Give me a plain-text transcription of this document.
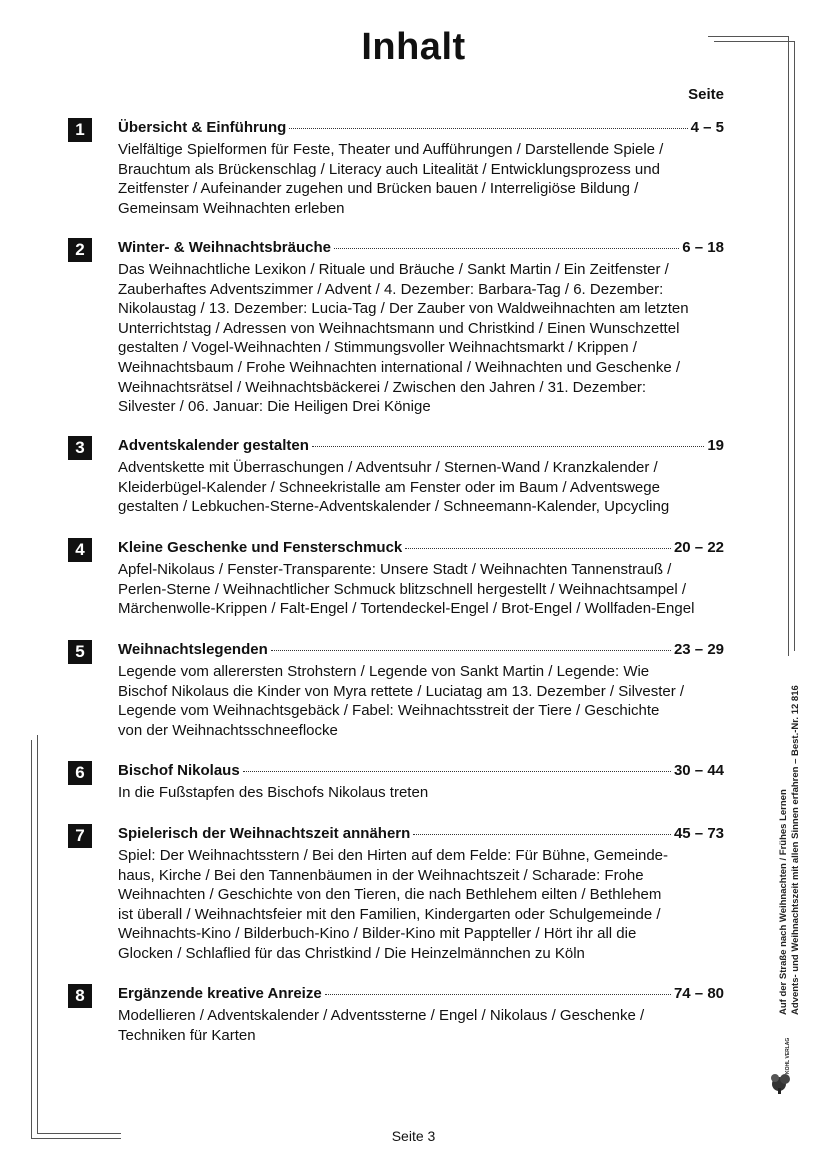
Inhalt
Seite
1	Übersicht & Einführung	4 – 5
Vielfältige Spielformen für Feste, Theater und Aufführungen / Darstellende Spiele /
Brauchtum als Brückenschlag / Literacy auch Litealität / Entwicklungsprozess und
Zeitfenster / Aufeinander zugehen und Brücken bauen / Interreligiöse Bildung /
Gemeinsam Weihnachten erleben
2	Winter- & Weihnachtsbräuche	6 – 18
Das Weihnachtliche Lexikon / Rituale und Bräuche / Sankt Martin / Ein Zeitfenster /
Zauberhaftes Adventszimmer / Advent / 4. Dezember: Barbara-Tag / 6. Dezember:
Nikolaustag / 13. Dezember: Lucia-Tag / Der Zauber von Waldweihnachten am letzten
Unterrichtstag / Adressen von Weihnachtsmann und Christkind / Einen Wunschzettel
gestalten / Vogel-Weihnachten / Stimmungsvoller Weihnachtsmarkt / Krippen /
Weihnachtsbaum / Frohe Weihnachten international / Weihnachten und Geschenke /
Weihnachtsrätsel / Weihnachtsbäckerei / Zwischen den Jahren / 31. Dezember:
Silvester / 06. Januar: Die Heiligen Drei Könige
3	Adventskalender gestalten	19
Adventskette mit Überraschungen / Adventsuhr / Sternen-Wand / Kranzkalender /
Kleiderbügel-Kalender / Schneekristalle am Fenster oder im Baum / Adventswege
gestalten / Lebkuchen-Sterne-Adventskalender / Schneemann-Kalender, Upcycling
4	Kleine Geschenke und Fensterschmuck	20 – 22
Apfel-Nikolaus / Fenster-Transparente: Unsere Stadt / Weihnachten Tannenstrauß /
Perlen-Sterne / Weihnachtlicher Schmuck blitzschnell hergestellt / Weihnachtsampel /
Märchenwolle-Krippen / Falt-Engel / Tortendeckel-Engel / Brot-Engel / Wollfaden-Engel
5	Weihnachtslegenden	23 – 29
Legende vom allerersten Strohstern / Legende von Sankt Martin / Legende: Wie
Bischof Nikolaus die Kinder von Myra rettete / Luciatag am 13. Dezember / Silvester /
Legende vom Weihnachtsgebäck / Fabel: Weihnachtsstreit der Tiere / Geschichte
von der Weihnachtsschneeflocke
6	Bischof Nikolaus	30 – 44
In die Fußstapfen des Bischofs Nikolaus treten
7	Spielerisch der Weihnachtszeit annähern	45 – 73
Spiel: Der Weihnachtsstern / Bei den Hirten auf dem Felde: Für Bühne, Gemeinde-
haus, Kirche / Bei den Tannenbäumen in der Weihnachtszeit / Scharade: Frohe
Weihnachten / Geschichte von den Tieren, die nach Bethlehem eilten / Bethlehem
ist überall / Weihnachtsfeier mit den Familien, Kindergarten oder Schulgemeinde /
Weihnachts-Kino / Bilderbuch-Kino / Bilder-Kino mit Pappteller / Hört ihr all die
Glocken / Schlaflied für das Christkind / Die Heinzelmännchen zu Köln
8	Ergänzende kreative Anreize	74 – 80
Modellieren / Adventskalender / Adventssterne / Engel / Nikolaus / Geschenke /
Techniken für Karten
Auf der Straße nach Weihnachten / Frühes Lernen Advents- und Weihnachtszeit mit allen Sinnen erfahren – Best.-Nr. 12 816
KOHL VERLAG
Seite 3
